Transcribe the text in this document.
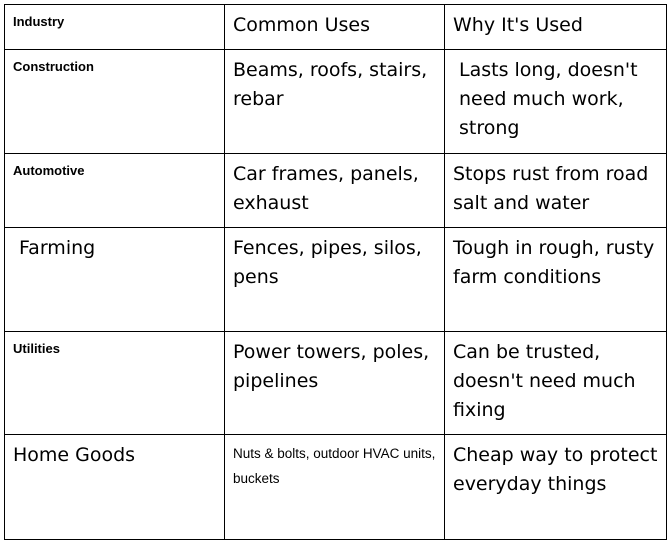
Industry	Common Uses	Why It's Used

Construction	Beams, roofs, stairs, rebar	Lasts long, doesn't need much work, strong

Automotive	Car frames, panels, exhaust	Stops rust from road salt and water

Farming	Fences, pipes, silos, pens	Tough in rough, rusty farm conditions

Utilities	Power towers, poles, pipelines	Can be trusted, doesn't need much fixing

Home Goods	Nuts & bolts, outdoor HVAC units, buckets	Cheap way to protect everyday things
